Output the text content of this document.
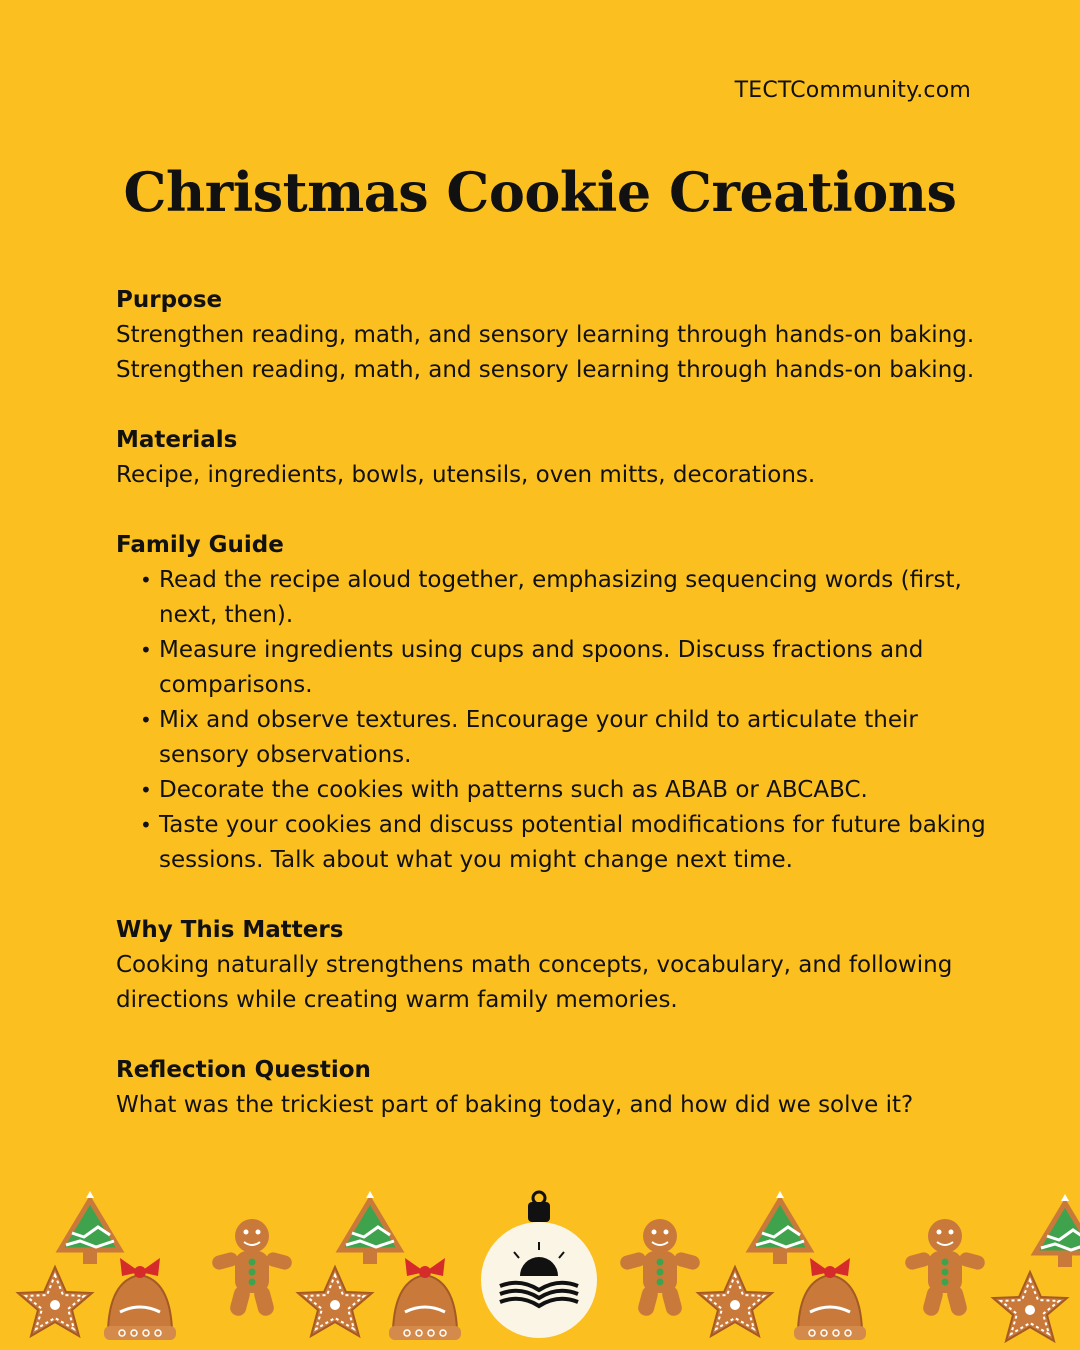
TECTCommunity.com
Christmas Cookie Creations
Purpose
Strengthen reading, math, and sensory learning through hands-on baking.
Strengthen reading, math, and sensory learning through hands-on baking.
Materials
Recipe, ingredients, bowls, utensils, oven mitts, decorations.
Family Guide
• Read the recipe aloud together, emphasizing sequencing words (first, next, then).
• Measure ingredients using cups and spoons. Discuss fractions and comparisons.
• Mix and observe textures. Encourage your child to articulate their sensory observations.
• Decorate the cookies with patterns such as ABAB or ABCABC.
• Taste your cookies and discuss potential modifications for future baking sessions. Talk about what you might change next time.
Why This Matters
Cooking naturally strengthens math concepts, vocabulary, and following directions while creating warm family memories.
Reflection Question
What was the trickiest part of baking today, and how did we solve it?
